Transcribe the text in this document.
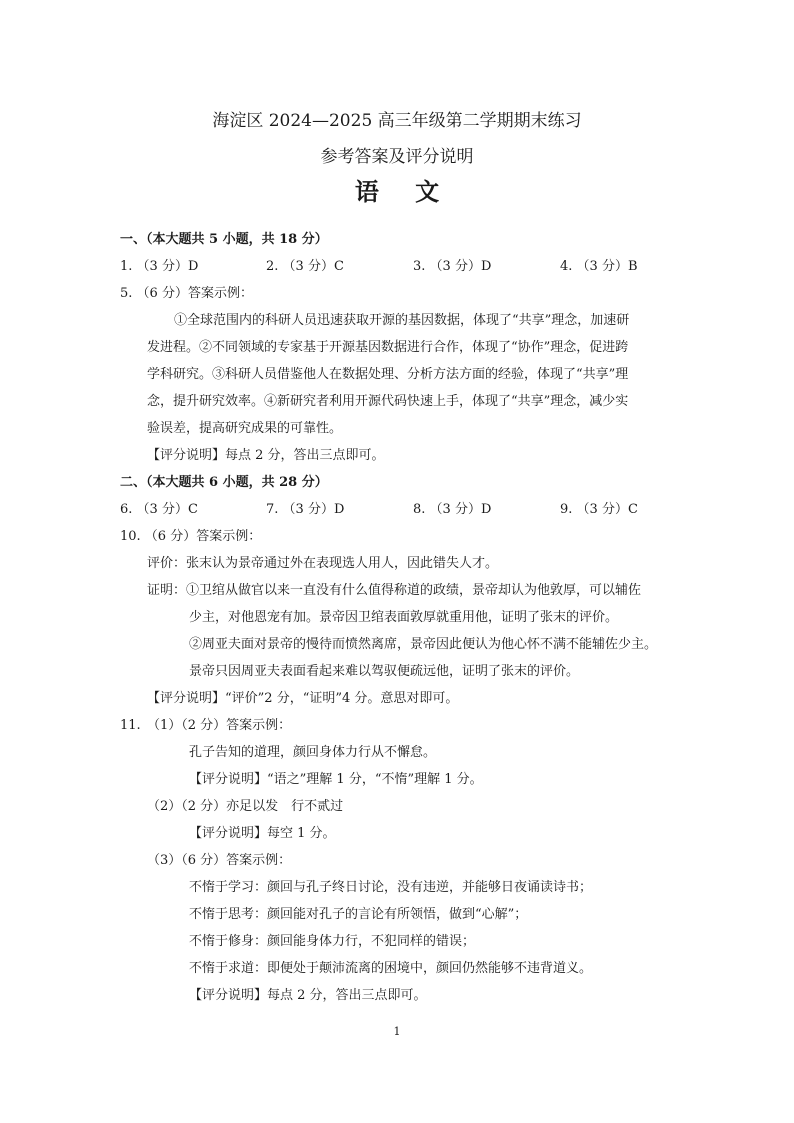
海淀区 2024—2025 高三年级第二学期期末练习
参考答案及评分说明
语 文
一、（本大题共 5 小题，共 18 分）
1. （3 分）D	2. （3 分）C	3. （3 分）D	4. （3 分）B
5. （6 分）答案示例：
①全球范围内的科研人员迅速获取开源的基因数据，体现了“共享”理念，加速研
发进程。②不同领域的专家基于开源基因数据进行合作，体现了“协作”理念，促进跨
学科研究。③科研人员借鉴他人在数据处理、分析方法方面的经验，体现了“共享”理
念，提升研究效率。④新研究者利用开源代码快速上手，体现了“共享”理念，减少实
验误差，提高研究成果的可靠性。
【评分说明】每点 2 分，答出三点即可。
二、（本大题共 6 小题，共 28 分）
6. （3 分）C	7. （3 分）D	8. （3 分）D	9. （3 分）C
10. （6 分）答案示例：
评价：张末认为景帝通过外在表现选人用人，因此错失人才。
证明：①卫绾从做官以来一直没有什么值得称道的政绩，景帝却认为他敦厚，可以辅佐
少主，对他恩宠有加。景帝因卫绾表面敦厚就重用他，证明了张末的评价。
②周亚夫面对景帝的慢待而愤然离席，景帝因此便认为他心怀不满不能辅佐少主。
景帝只因周亚夫表面看起来难以驾驭便疏远他，证明了张末的评价。
【评分说明】“评价”2 分，“证明”4 分。意思对即可。
11. （1）（2 分）答案示例：
孔子告知的道理，颜回身体力行从不懈怠。
【评分说明】“语之”理解 1 分，“不惰”理解 1 分。
（2）（2 分）亦足以发　行不贰过
【评分说明】每空 1 分。
（3）（6 分）答案示例：
不惰于学习：颜回与孔子终日讨论，没有违逆，并能够日夜诵读诗书；
不惰于思考：颜回能对孔子的言论有所领悟，做到“心解”；
不惰于修身：颜回能身体力行，不犯同样的错误；
不惰于求道：即便处于颠沛流离的困境中，颜回仍然能够不违背道义。
【评分说明】每点 2 分，答出三点即可。
1
